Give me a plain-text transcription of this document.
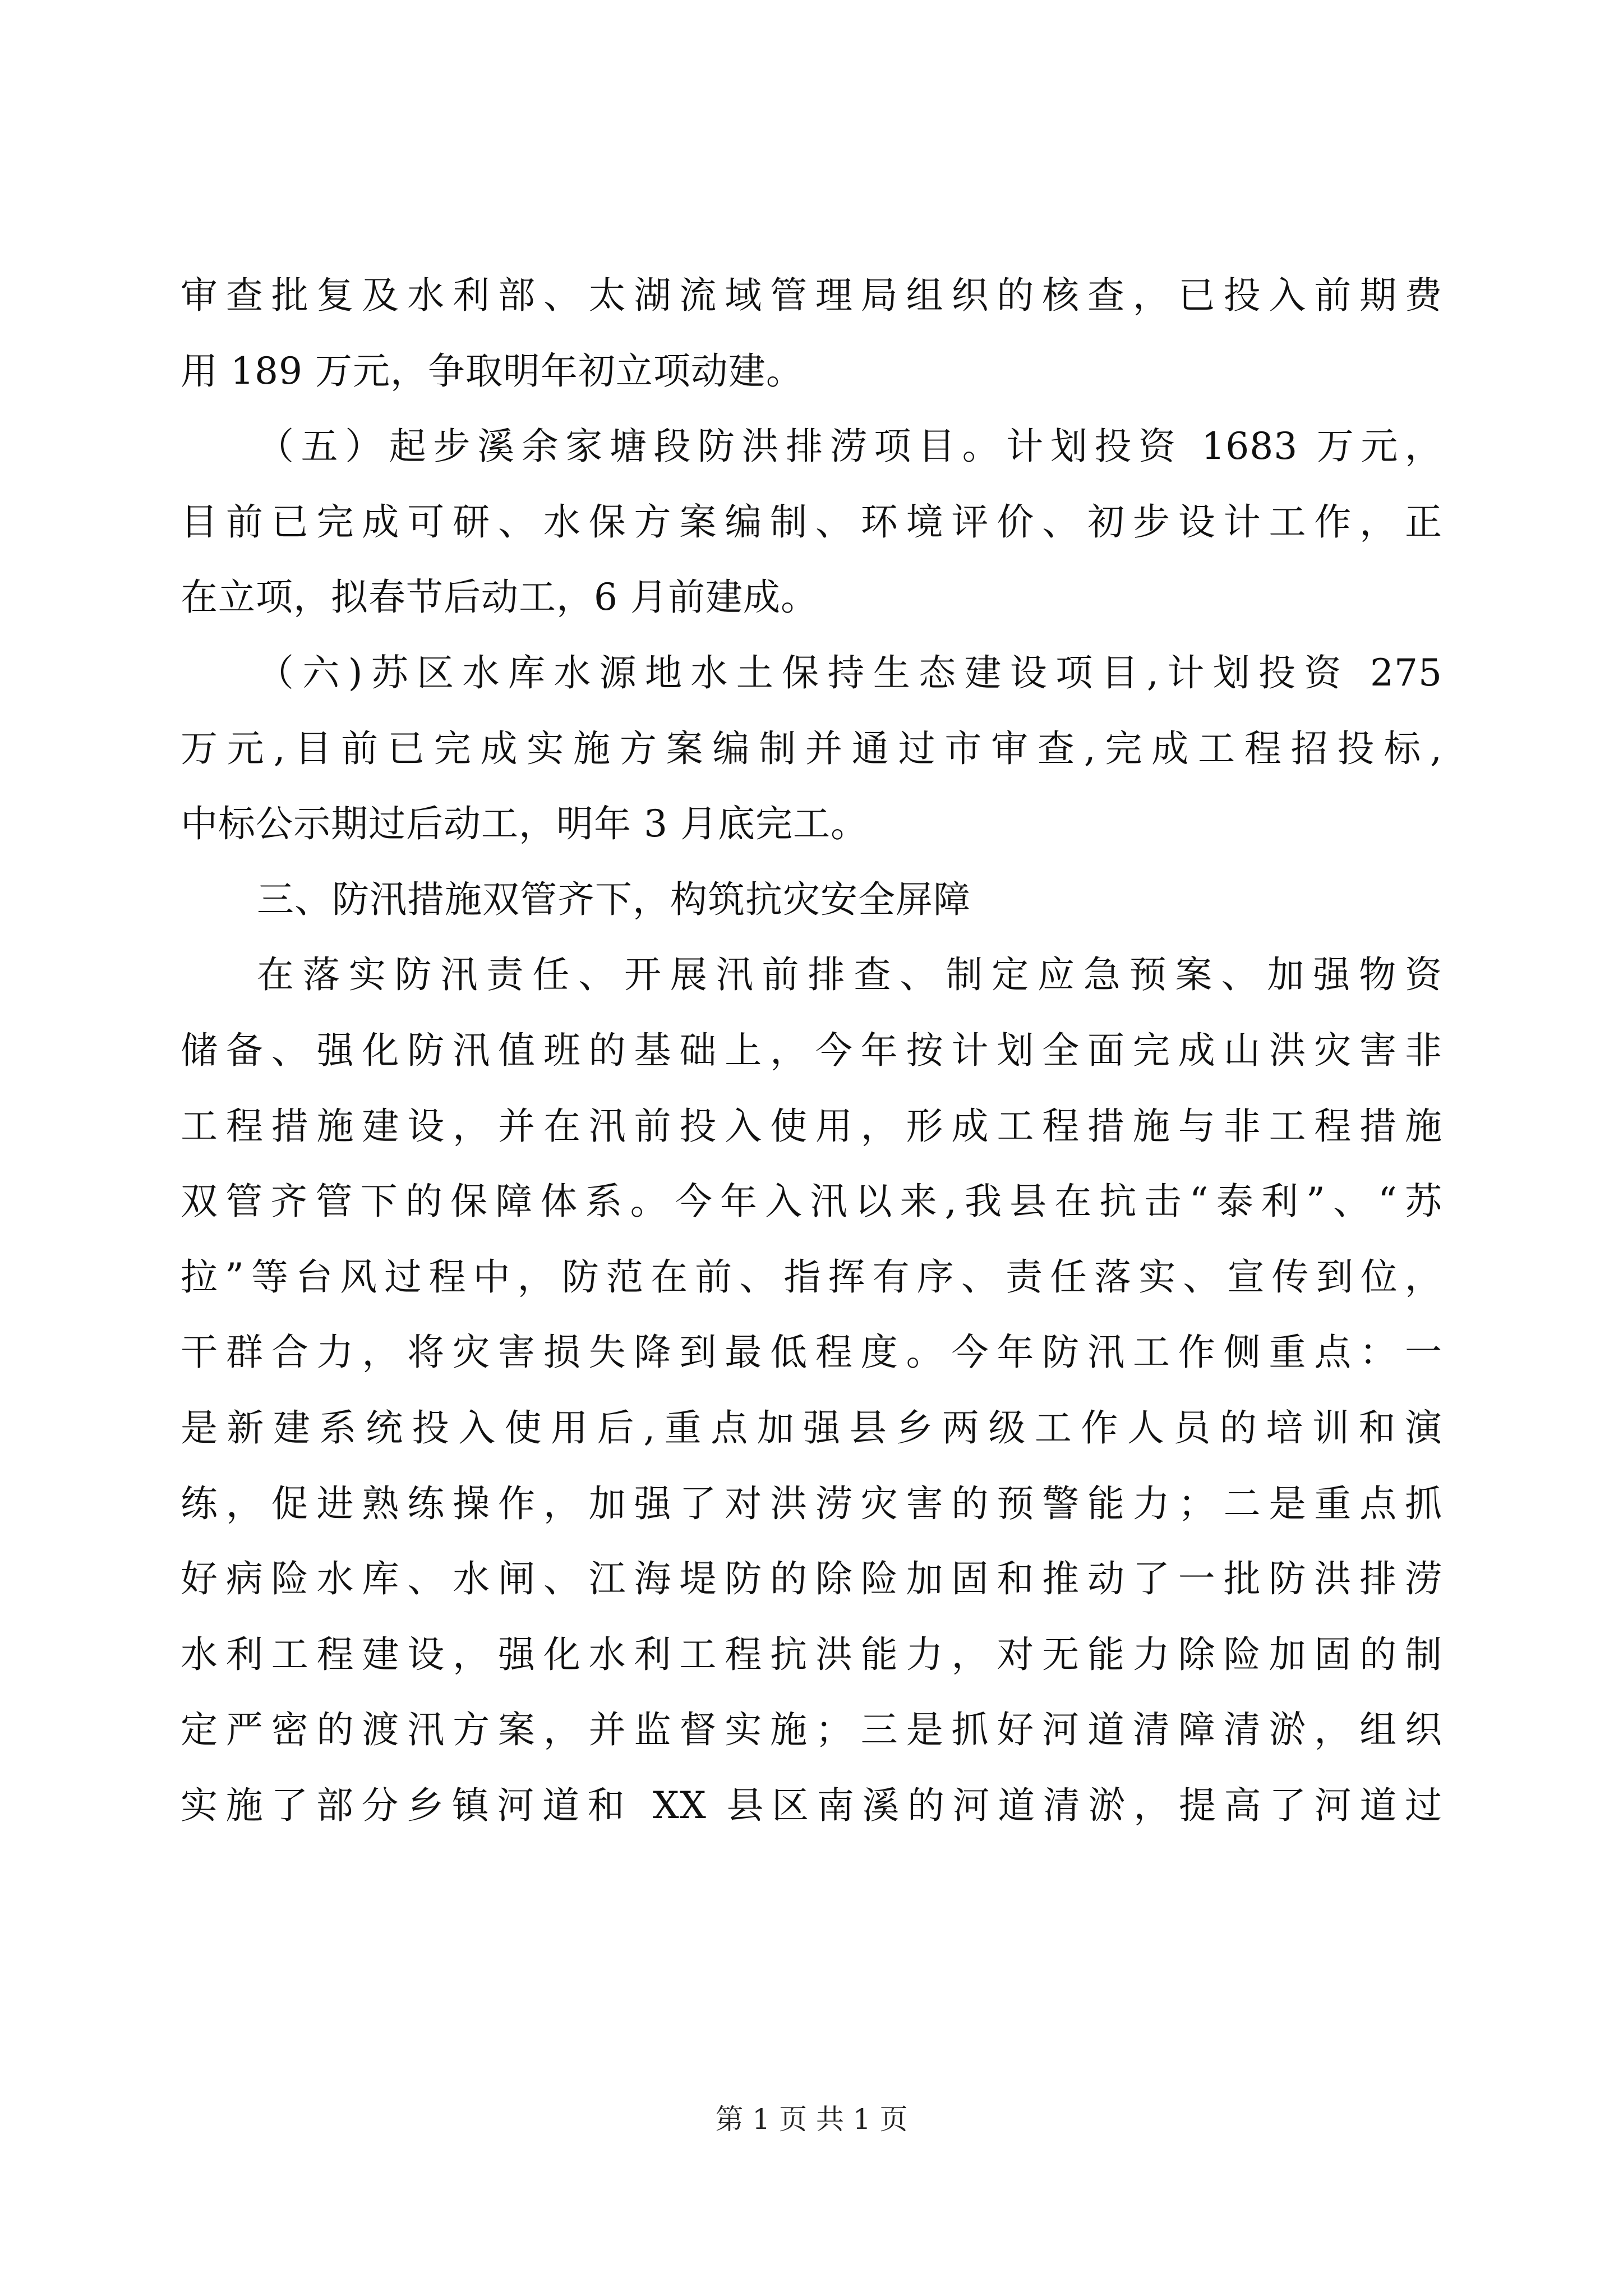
审查批复及水利部、太湖流域管理局组织的核查，已投入前期费
用 189 万元，争取明年初立项动建。
（五）起步溪余家塘段防洪排涝项目。计划投资 1683 万元，
目前已完成可研、水保方案编制、环境评价、初步设计工作，正
在立项，拟春节后动工，6 月前建成。
（六)苏区水库水源地水土保持生态建设项目,计划投资 275
万元,目前已完成实施方案编制并通过市审查,完成工程招投标,
中标公示期过后动工，明年 3 月底完工。
三、防汛措施双管齐下，构筑抗灾安全屏障
在落实防汛责任、开展汛前排查、制定应急预案、加强物资
储备、强化防汛值班的基础上，今年按计划全面完成山洪灾害非
工程措施建设，并在汛前投入使用，形成工程措施与非工程措施
双管齐管下的保障体系。今年入汛以来,我县在抗击“泰利”、“苏
拉”等台风过程中，防范在前、指挥有序、责任落实、宣传到位，
干群合力，将灾害损失降到最低程度。今年防汛工作侧重点：一
是新建系统投入使用后,重点加强县乡两级工作人员的培训和演
练，促进熟练操作，加强了对洪涝灾害的预警能力；二是重点抓
好病险水库、水闸、江海堤防的除险加固和推动了一批防洪排涝
水利工程建设，强化水利工程抗洪能力，对无能力除险加固的制
定严密的渡汛方案，并监督实施；三是抓好河道清障清淤，组织
实施了部分乡镇河道和 XX 县区南溪的河道清淤，提高了河道过
第 1 页 共 1 页
